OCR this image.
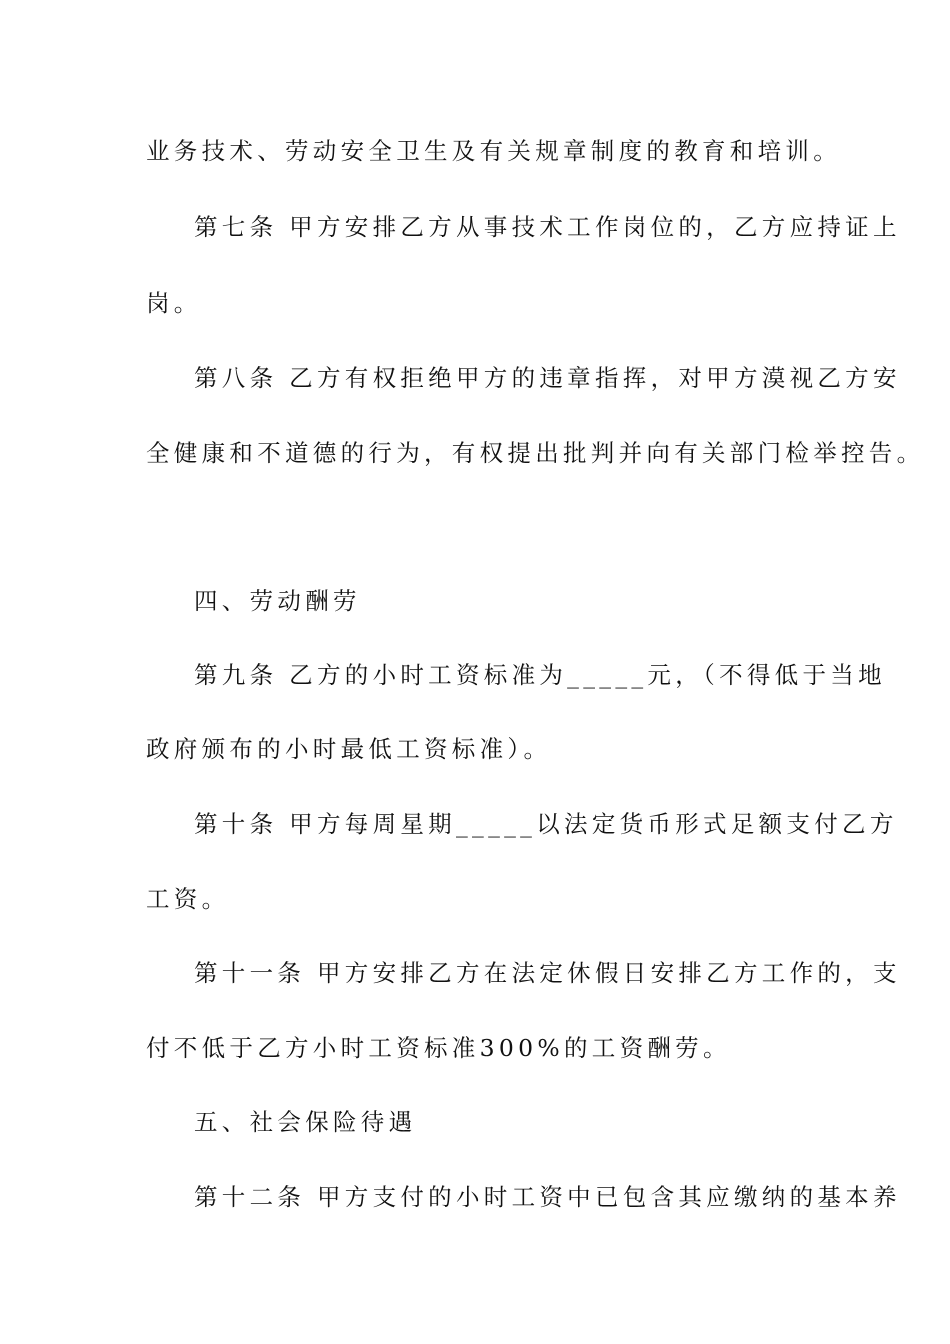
业务技术、劳动安全卫生及有关规章制度的教育和培训。
第七条 甲方安排乙方从事技术工作岗位的，乙方应持证上
岗。
第八条 乙方有权拒绝甲方的违章指挥，对甲方漠视乙方安
全健康和不道德的行为，有权提出批判并向有关部门检举控告。
四、劳动酬劳
第九条 乙方的小时工资标准为_____元，（不得低于当地
政府颁布的小时最低工资标准）。
第十条 甲方每周星期_____以法定货币形式足额支付乙方
工资。
第十一条 甲方安排乙方在法定休假日安排乙方工作的，支
付不低于乙方小时工资标准300%的工资酬劳。
五、社会保险待遇
第十二条 甲方支付的小时工资中已包含其应缴纳的基本养
